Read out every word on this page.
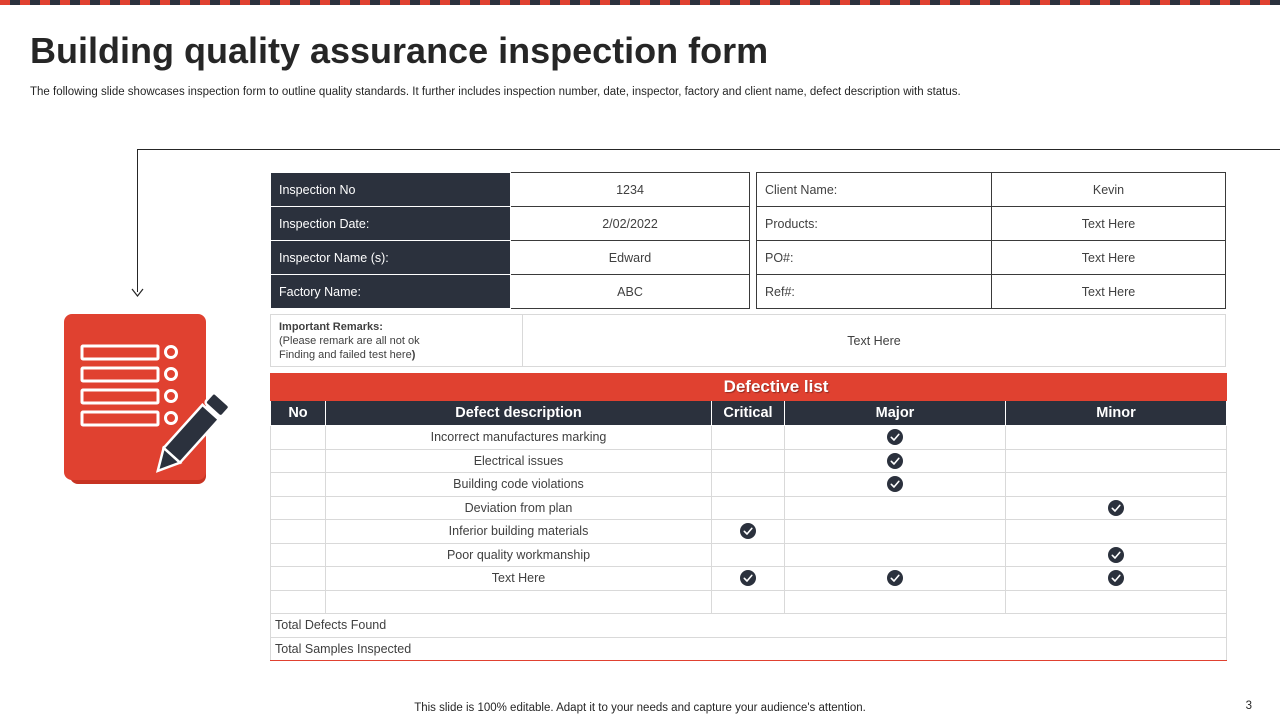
Building quality assurance inspection form

The following slide showcases inspection form to outline quality standards. It further includes inspection number, date, inspector, factory and client name, defect description with status.

Inspection No	1234
Inspection Date:	2/02/2022
Inspector Name (s):	Edward
Factory Name:	ABC
Client Name:	Kevin
Products:	Text Here
PO#:	Text Here
Ref#:	Text Here
Important Remarks:
(Please remark are all not ok
Finding and failed test here)
Text Here
	Defective list			
No	Defect description	Critical	Major	Minor
	Incorrect manufactures marking			
	Electrical issues			
	Building code violations			
	Deviation from plan			
	Inferior building materials			
	Poor quality workmanship			
	Text Here			

Total Defects Found				
Total Samples Inspected				
This slide is 100% editable. Adapt it to your needs and capture your audience's attention.	3
